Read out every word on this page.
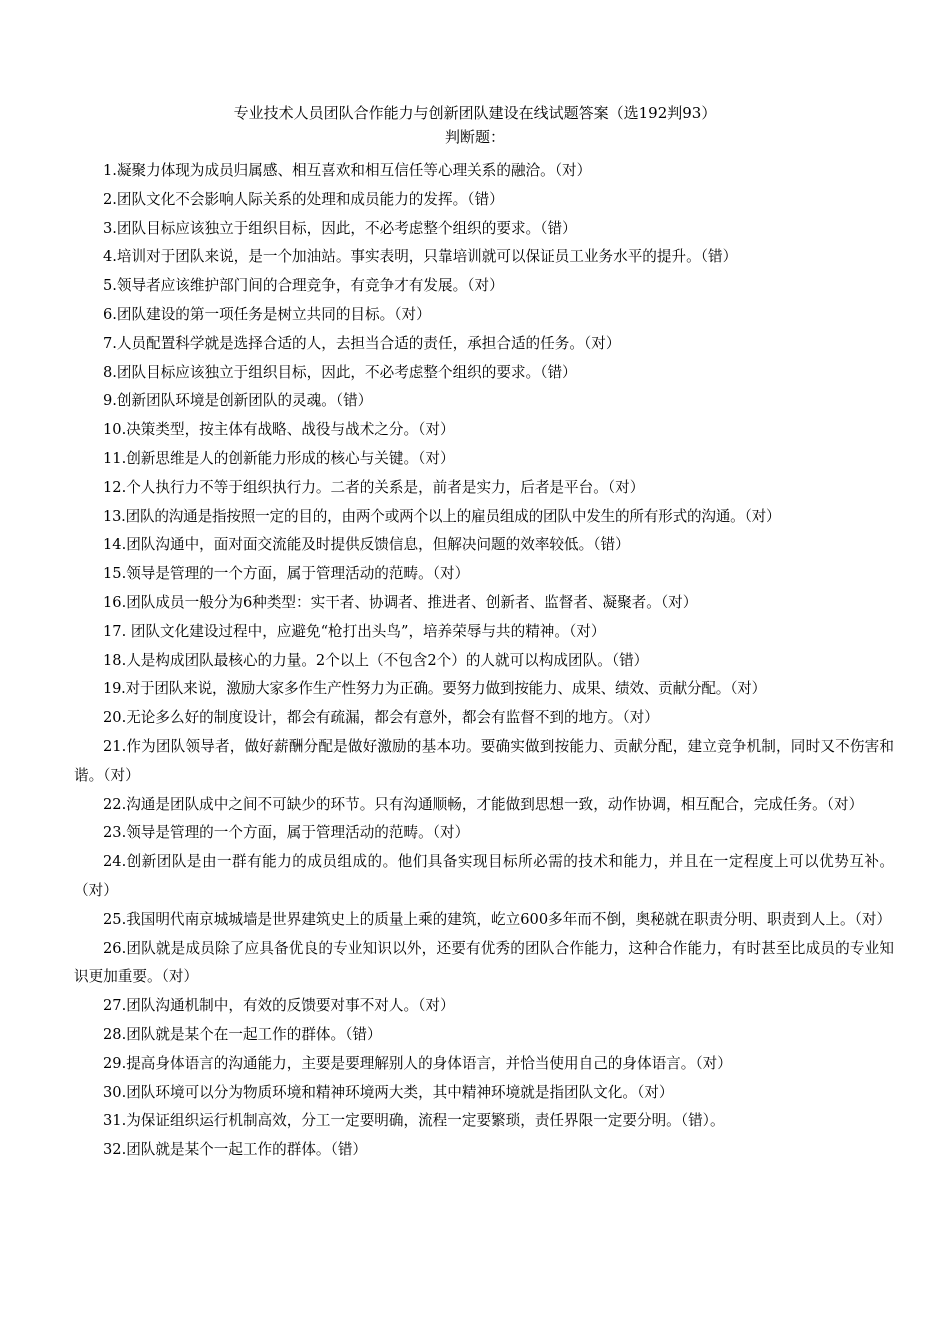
专业技术人员团队合作能力与创新团队建设在线试题答案（选192判93）
判断题：
1.凝聚力体现为成员归属感、相互喜欢和相互信任等心理关系的融洽。（对）
2.团队文化不会影响人际关系的处理和成员能力的发挥。（错）
3.团队目标应该独立于组织目标，因此，不必考虑整个组织的要求。（错）
4.培训对于团队来说，是一个加油站。事实表明，只靠培训就可以保证员工业务水平的提升。（错）
5.领导者应该维护部门间的合理竞争，有竞争才有发展。（对）
6.团队建设的第一项任务是树立共同的目标。（对）
7.人员配置科学就是选择合适的人，去担当合适的责任，承担合适的任务。（对）
8.团队目标应该独立于组织目标，因此，不必考虑整个组织的要求。（错）
9.创新团队环境是创新团队的灵魂。（错）
10.决策类型，按主体有战略、战役与战术之分。（对）
11.创新思维是人的创新能力形成的核心与关键。（对）
12.个人执行力不等于组织执行力。二者的关系是，前者是实力，后者是平台。（对）
13.团队的沟通是指按照一定的目的，由两个或两个以上的雇员组成的团队中发生的所有形式的沟通。（对）
14.团队沟通中，面对面交流能及时提供反馈信息，但解决问题的效率较低。（错）
15.领导是管理的一个方面，属于管理活动的范畴。（对）
16.团队成员一般分为6种类型：实干者、协调者、推进者、创新者、监督者、凝聚者。（对）
17. 团队文化建设过程中，应避免“枪打出头鸟”，培养荣辱与共的精神。（对）
18.人是构成团队最核心的力量。2个以上（不包含2个）的人就可以构成团队。（错）
19.对于团队来说，激励大家多作生产性努力为正确。要努力做到按能力、成果、绩效、贡献分配。（对）
20.无论多么好的制度设计，都会有疏漏，都会有意外，都会有监督不到的地方。（对）
21.作为团队领导者，做好薪酬分配是做好激励的基本功。要确实做到按能力、贡献分配，建立竞争机制，同时又不伤害和谐。（对）
22.沟通是团队成中之间不可缺少的环节。只有沟通顺畅，才能做到思想一致，动作协调，相互配合，完成任务。（对）
23.领导是管理的一个方面，属于管理活动的范畴。（对）
24.创新团队是由一群有能力的成员组成的。他们具备实现目标所必需的技术和能力，并且在一定程度上可以优势互补。（对）
25.我国明代南京城城墙是世界建筑史上的质量上乘的建筑，屹立600多年而不倒，奥秘就在职责分明、职责到人上。（对）
26.团队就是成员除了应具备优良的专业知识以外，还要有优秀的团队合作能力，这种合作能力，有时甚至比成员的专业知识更加重要。（对）
27.团队沟通机制中，有效的反馈要对事不对人。（对）
28.团队就是某个在一起工作的群体。（错）
29.提高身体语言的沟通能力，主要是要理解别人的身体语言，并恰当使用自己的身体语言。（对）
30.团队环境可以分为物质环境和精神环境两大类，其中精神环境就是指团队文化。（对）
31.为保证组织运行机制高效，分工一定要明确，流程一定要繁琐，责任界限一定要分明。（错）。
32.团队就是某个一起工作的群体。（错）
